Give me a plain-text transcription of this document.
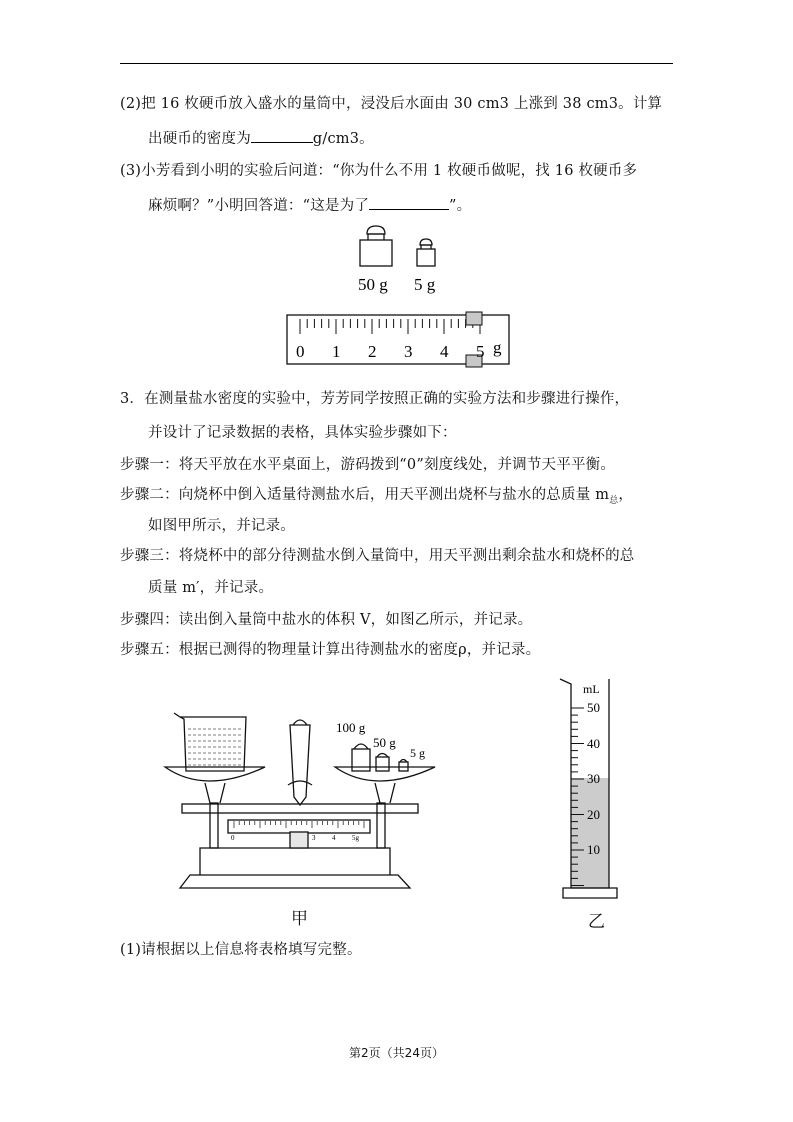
(2)把 16 枚硬币放入盛水的量筒中，浸没后水面由 30 cm3 上涨到 38 cm3。计算
出硬币的密度为	g/cm3。
(3)小芳看到小明的实验后问道：“你为什么不用 1 枚硬币做呢，找 16 枚硬币多
麻烦啊？”小明回答道：“这是为了	”。
50 g 5 g
0 1 2 3 4 5 g
3．在测量盐水密度的实验中，芳芳同学按照正确的实验方法和步骤进行操作，
并设计了记录数据的表格，具体实验步骤如下：
步骤一：将天平放在水平桌面上，游码拨到“0”刻度线处，并调节天平平衡。
步骤二：向烧杯中倒入适量待测盐水后，用天平测出烧杯与盐水的总质量 $m_总$，
如图甲所示，并记录。
步骤三：将烧杯中的部分待测盐水倒入量筒中，用天平测出剩余盐水和烧杯的总
质量 m′，并记录。
步骤四：读出倒入量筒中盐水的体积 V，如图乙所示，并记录。
步骤五：根据已测得的物理量计算出待测盐水的密度ρ，并记录。
100 g
50 g
5 g
0	3 4 5g
甲
mL
50
40
30
20
10
乙
(1)请根据以上信息将表格填写完整。
第2页（共24页）
